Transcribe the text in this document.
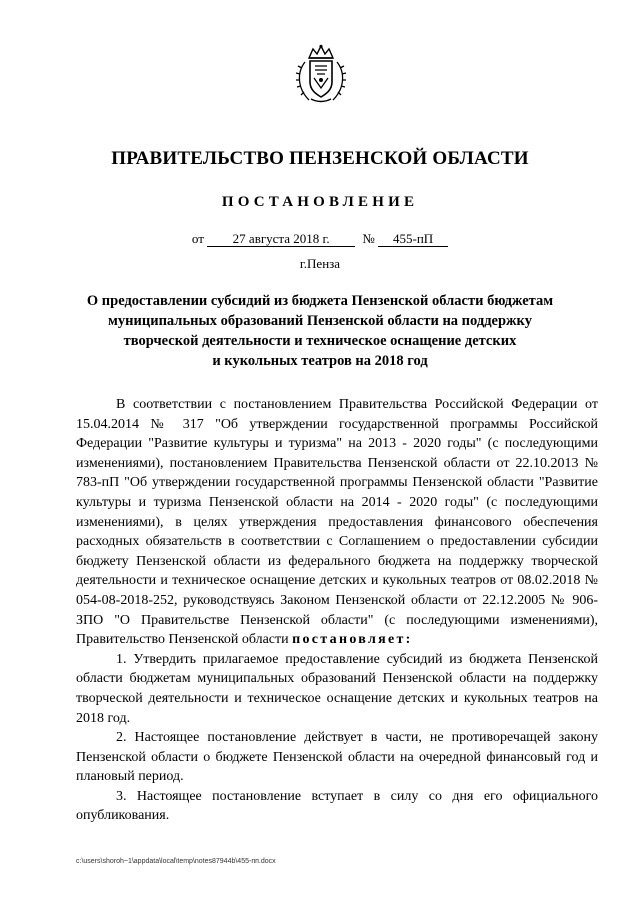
ПРАВИТЕЛЬСТВО ПЕНЗЕНСКОЙ ОБЛАСТИ
ПОСТАНОВЛЕНИЕ
от 27 августа 2018 г.	№ 455-пП
г.Пенза
О предоставлении субсидий из бюджета Пензенской области бюджетам
муниципальных образований Пензенской области на поддержку
творческой деятельности и техническое оснащение детских
и кукольных театров на 2018 год

В соответствии с постановлением Правительства Российской Федерации от 15.04.2014 № 317 "Об утверждении государственной программы Российской Федерации "Развитие культуры и туризма" на 2013 - 2020 годы" (с последующими изменениями), постановлением Правительства Пензенской области от 22.10.2013 № 783-пП "Об утверждении государственной программы Пензенской области "Развитие культуры и туризма Пензенской области на 2014 - 2020 годы" (с последующими изменениями), в целях утверждения предоставления финансового обеспечения расходных обязательств в соответствии с Соглашением о предоставлении субсидии бюджету Пензенской области из федерального бюджета на поддержку творческой деятельности и техническое оснащение детских и кукольных театров от 08.02.2018 № 054-08-2018-252, руководствуясь Законом Пензенской области от 22.12.2005 № 906-ЗПО "О Правительстве Пензенской области" (с последующими изменениями), Правительство Пензенской области постановляет:

1. Утвердить прилагаемое предоставление субсидий из бюджета Пензенской области бюджетам муниципальных образований Пензенской области на поддержку творческой деятельности и техническое оснащение детских и кукольных театров на 2018 год.

2. Настоящее постановление действует в части, не противоречащей закону Пензенской области о бюджете Пензенской области на очередной финансовый год и плановый период.

3. Настоящее постановление вступает в силу со дня его официального опубликования.

c:\users\shoroh~1\appdata\local\temp\notes87944b\455-пп.docx
